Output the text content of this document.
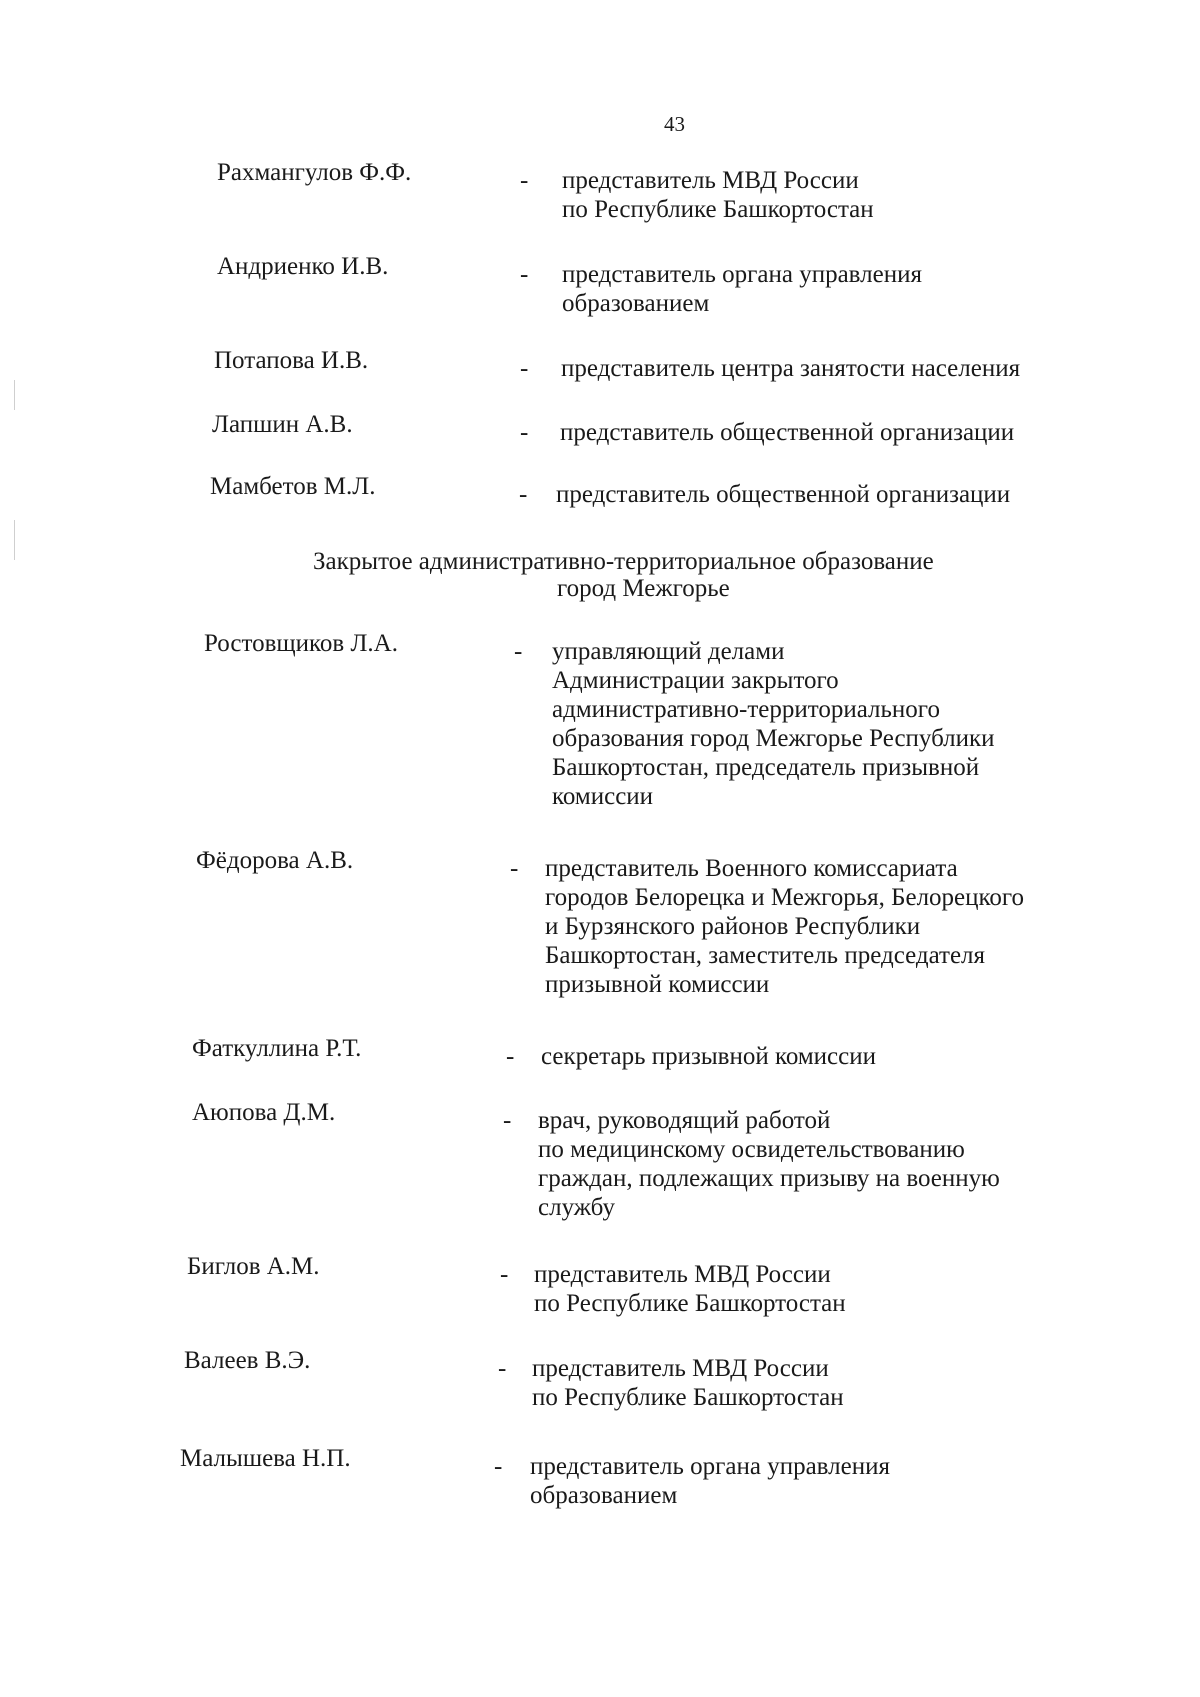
43
Рахмангулов Ф.Ф.	- представитель МВД России
по Республике Башкортостан
Андриенко И.В.	- представитель органа управления
образованием
Потапова И.В.	- представитель центра занятости населения
Лапшин А.В.	- представитель общественной организации
Мамбетов М.Л.	- представитель общественной организации
Закрытое административно-территориальное образование
город Межгорье
Ростовщиков Л.А.	- управляющий делами
Администрации закрытого
административно-территориального
образования город Межгорье Республики
Башкортостан, председатель призывной
комиссии
Фёдорова А.В.	- представитель Военного комиссариата
городов Белорецка и Межгорья, Белорецкого
и Бурзянского районов Республики
Башкортостан, заместитель председателя
призывной комиссии
Фаткуллина Р.Т.	- секретарь призывной комиссии
Аюпова Д.М.	- врач, руководящий работой
по медицинскому освидетельствованию
граждан, подлежащих призыву на военную
службу
Биглов А.М.	- представитель МВД России
по Республике Башкортостан
Валеев В.Э.	- представитель МВД России
по Республике Башкортостан
Малышева Н.П.	- представитель органа управления
образованием
